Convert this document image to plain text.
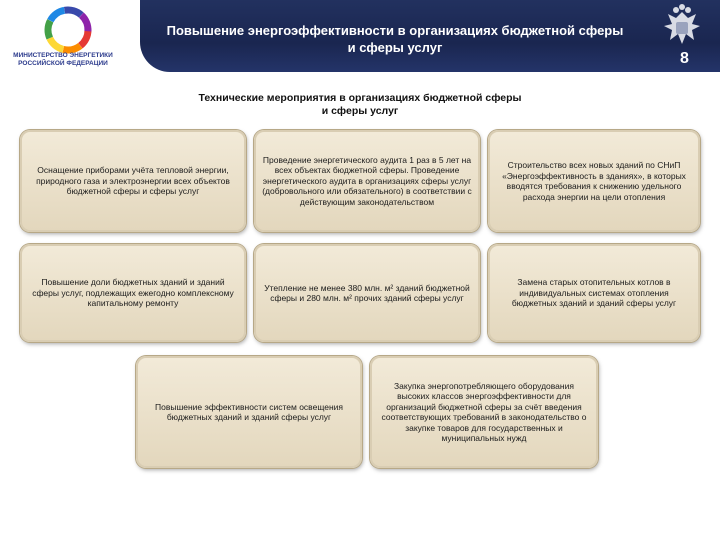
МИНИСТЕРСТВО ЭНЕРГЕТИКИ
РОССИЙСКОЙ ФЕДЕРАЦИИ
Повышение энергоэффективности в организациях бюджетной сферы
и сферы услуг
8
Технические мероприятия в организациях бюджетной сферы
и сферы услуг
Оснащение приборами учёта тепловой энергии, природного газа и электроэнергии всех объектов бюджетной сферы и сферы услуг
Проведение энергетического аудита 1 раз в 5 лет на всех объектах бюджетной сферы. Проведение энергетического аудита в организациях сферы услуг (добровольного или обязательного) в соответствии с действующим законодательством
Строительство всех новых зданий по СНиП «Энергоэффективность в зданиях», в которых вводятся требования к снижению удельного расхода энергии на цели отопления
Повышение доли бюджетных зданий и зданий сферы услуг, подлежащих ежегодно комплексному капитальному ремонту
Утепление не менее 380 млн. м² зданий бюджетной сферы и 280 млн. м² прочих зданий сферы услуг
Замена старых отопительных котлов в индивидуальных системах отопления бюджетных зданий и зданий сферы услуг
Повышение эффективности систем освещения бюджетных зданий и зданий сферы услуг
Закупка энергопотребляющего оборудования высоких классов энергоэффективности для организаций бюджетной сферы за счёт введения соответствующих требований в законодательство о закупке товаров для государственных и муниципальных нужд
